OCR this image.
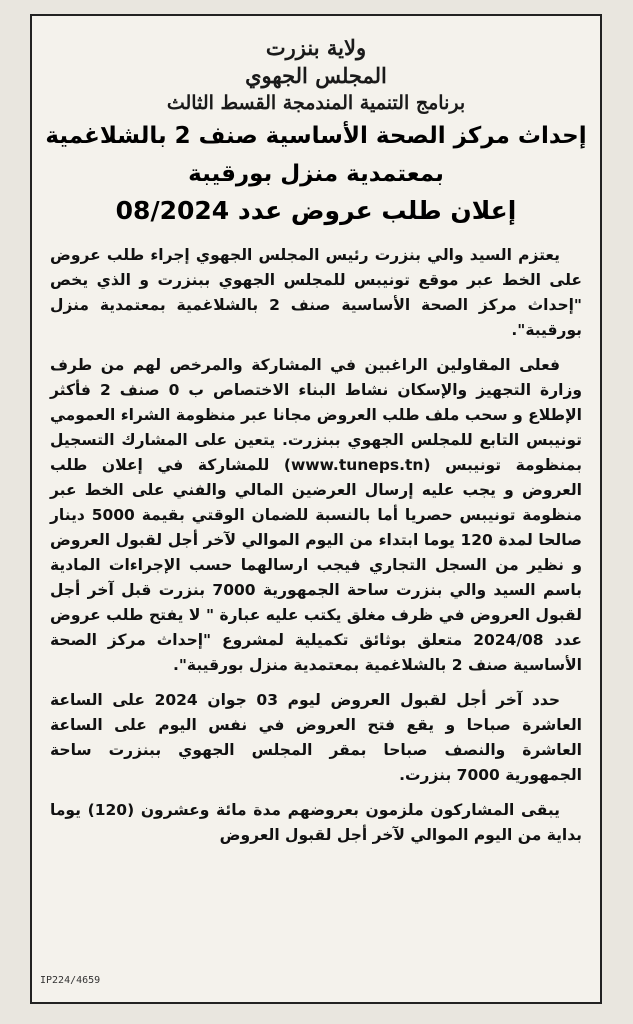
ولاية بنزرت
المجلس الجهوي
برنامج التنمية المندمجة القسط الثالث
إحداث مركز الصحة الأساسية صنف 2 بالشلاغمية بمعتمدية منزل بورقيبة
إعلان طلب عروض عدد 08/2024

يعتزم السيد والي بنزرت رئيس المجلس الجهوي إجراء طلب عروض على الخط عبر موقع تونيبس للمجلس الجهوي ببنزرت و الذي يخص "إحداث مركز الصحة الأساسية صنف 2 بالشلاغمية بمعتمدية منزل بورقيبة".

فعلى المقاولين الراغبين في المشاركة والمرخص لهم من طرف وزارة التجهيز والإسكان نشاط البناء الاختصاص ب 0 صنف 2 فأكثر الإطلاع و سحب ملف طلب العروض مجانا عبر منظومة الشراء العمومي تونيبس التابع للمجلس الجهوي ببنزرت. يتعين على المشارك التسجيل بمنظومة تونيبس (www.tuneps.tn) للمشاركة في إعلان طلب العروض و يجب عليه إرسال العرضين المالي والفني على الخط عبر منظومة تونيبس حصريا أما بالنسبة للضمان الوقتي بقيمة 5000 دينار صالحا لمدة 120 يوما ابتداء من اليوم الموالي لآخر أجل لقبول العروض و نظير من السجل التجاري فيجب ارسالهما حسب الإجراءات المادية باسم السيد والي بنزرت ساحة الجمهورية 7000 بنزرت قبل آخر أجل لقبول العروض في ظرف مغلق يكتب عليه عبارة " لا يفتح طلب عروض عدد 2024/08 متعلق بوثائق تكميلية لمشروع "إحداث مركز الصحة الأساسية صنف 2 بالشلاغمية بمعتمدية منزل بورقيبة".

حدد آخر أجل لقبول العروض ليوم 03 جوان 2024 على الساعة العاشرة صباحا و يقع فتح العروض في نفس اليوم على الساعة العاشرة والنصف صباحا بمقر المجلس الجهوي ببنزرت ساحة الجمهورية 7000 بنزرت.

يبقى المشاركون ملزمون بعروضهم مدة مائة وعشرون (120) يوما بداية من اليوم الموالي لآخر أجل لقبول العروض

IP224/4659
